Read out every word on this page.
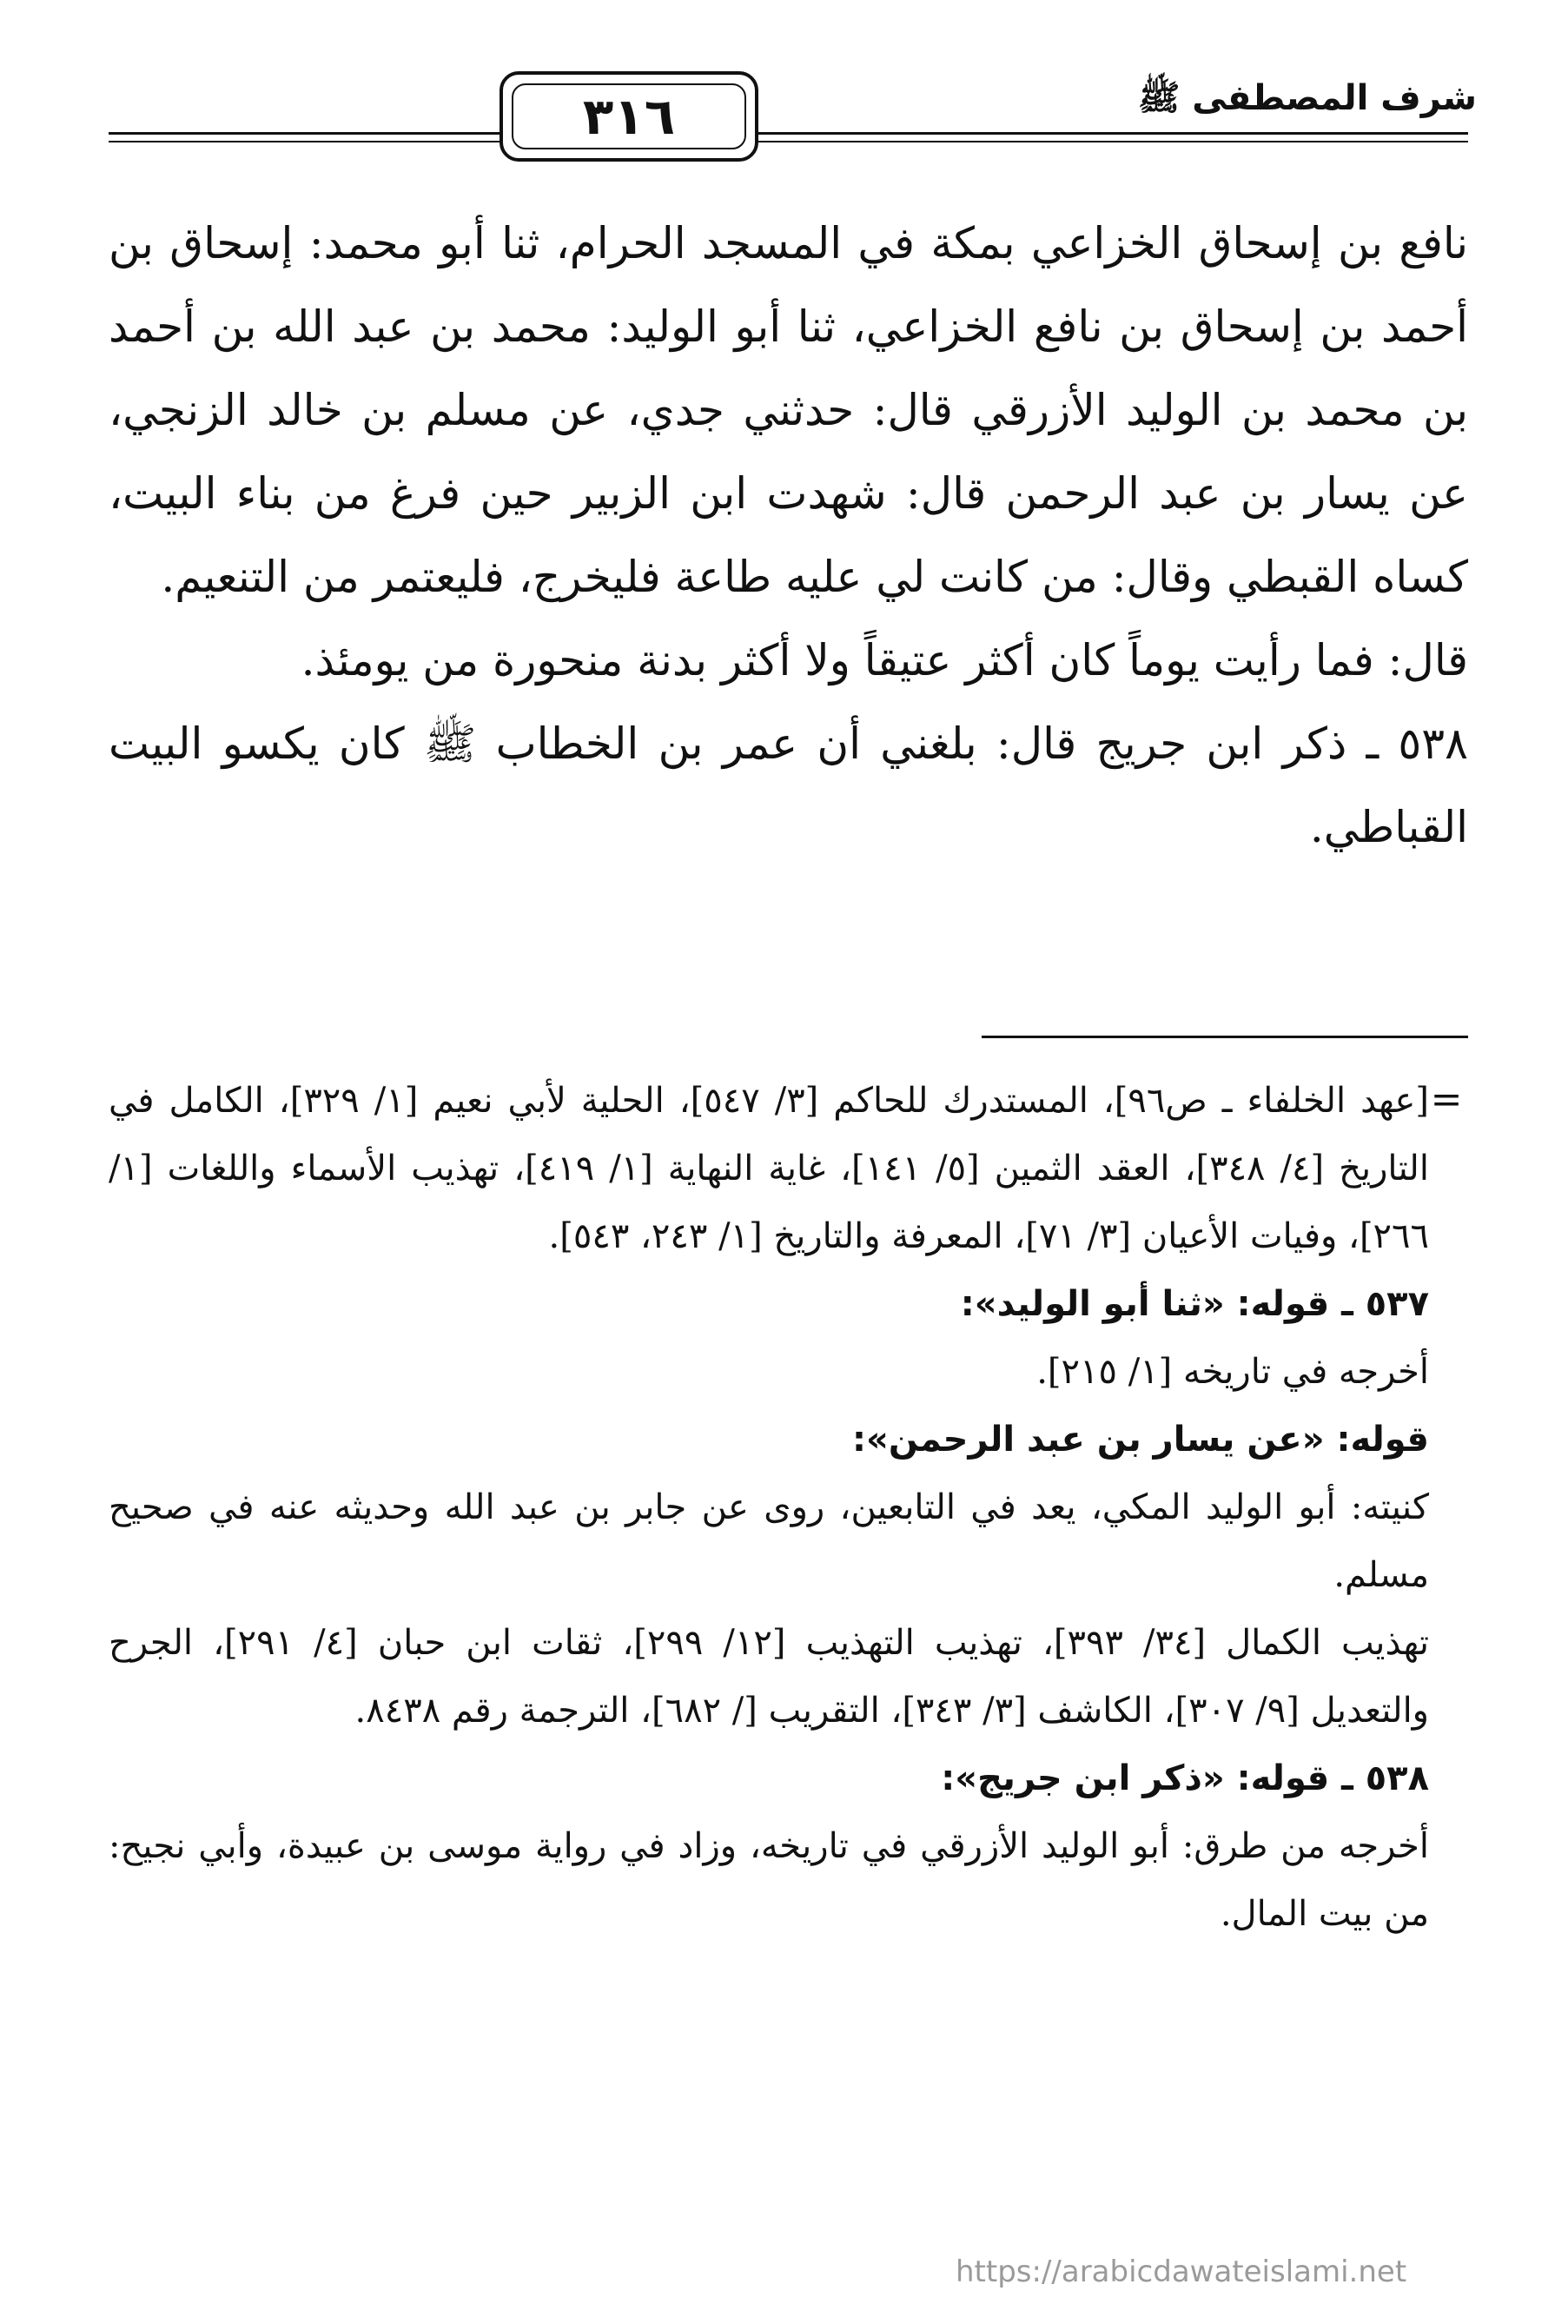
شرف المصطفى ﷺ
٣١٦

نافع بن إسحاق الخزاعي بمكة في المسجد الحرام، ثنا أبو محمد: إسحاق بن أحمد بن إسحاق بن نافع الخزاعي، ثنا أبو الوليد: محمد بن عبد الله بن أحمد بن محمد بن الوليد الأزرقي قال: حدثني جدي، عن مسلم بن خالد الزنجي، عن يسار بن عبد الرحمن قال: شهدت ابن الزبير حين فرغ من بناء البيت، كساه القبطي وقال: من كانت لي عليه طاعة فليخرج، فليعتمر من التنعيم.

قال: فما رأيت يوماً كان أكثر عتيقاً ولا أكثر بدنة منحورة من يومئذ.

٥٣٨ ـ ذكر ابن جريج قال: بلغني أن عمر بن الخطاب ﷺ كان يكسو البيت القباطي.

=

[عهد الخلفاء ـ ص٩٦]، المستدرك للحاكم [٣/ ٥٤٧]، الحلية لأبي نعيم [١/ ٣٢٩]، الكامل في التاريخ [٤/ ٣٤٨]، العقد الثمين [٥/ ١٤١]، غاية النهاية [١/ ٤١٩]، تهذيب الأسماء واللغات [١/ ٢٦٦]، وفيات الأعيان [٣/ ٧١]، المعرفة والتاريخ [١/ ٢٤٣، ٥٤٣].

٥٣٧ ـ قوله: «ثنا أبو الوليد»:

أخرجه في تاريخه [١/ ٢١٥].

قوله: «عن يسار بن عبد الرحمن»:

كنيته: أبو الوليد المكي، يعد في التابعين، روى عن جابر بن عبد الله وحديثه عنه في صحيح مسلم.

تهذيب الكمال [٣٤/ ٣٩٣]، تهذيب التهذيب [١٢/ ٢٩٩]، ثقات ابن حبان [٤/ ٢٩١]، الجرح والتعديل [٩/ ٣٠٧]، الكاشف [٣/ ٣٤٣]، التقريب [/ ٦٨٢]، الترجمة رقم ٨٤٣٨.

٥٣٨ ـ قوله: «ذكر ابن جريج»:

أخرجه من طرق: أبو الوليد الأزرقي في تاريخه، وزاد في رواية موسى بن عبيدة، وأبي نجيح: من بيت المال.

https://arabicdawateislami.net
